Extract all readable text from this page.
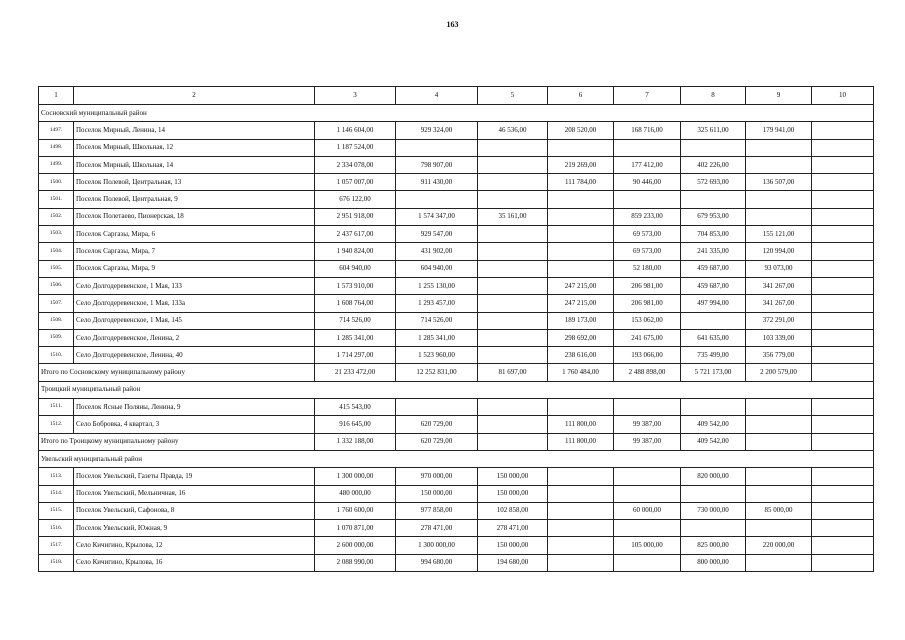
163
1	2	3	4	5	6	7	8	9	10
Сосновский муниципальный район									
1497.	Поселок Мирный, Ленина, 14	1 146 604,00	929 324,00	46 536,00	208 520,00	168 716,00	325 611,00	179 941,00	
1498.	Поселок Мирный, Школьная, 12	1 187 524,00							
1499.	Поселок Мирный, Школьная, 14	2 334 078,00	798 907,00		219 269,00	177 412,00	402 226,00		
1500.	Поселок Полевой, Центральная, 13	1 057 007,00	911 430,00		111 784,00	90 446,00	572 693,00	136 507,00	
1501.	Поселок Полевой, Центральная, 9	676 122,00							
1502.	Поселок Полетаево, Пионерская, 18	2 951 918,00	1 574 347,00	35 161,00		859 233,00	679 953,00		
1503.	Поселок Саргазы, Мира, 6	2 437 617,00	929 547,00			69 573,00	704 853,00	155 121,00	
1504.	Поселок Саргазы, Мира, 7	1 940 824,00	431 902,00			69 573,00	241 335,00	120 994,00	
1505.	Поселок Саргазы, Мира, 9	604 940,00	604 940,00			52 180,00	459 687,00	93 073,00	
1506.	Село Долгодеревенское, 1 Мая, 133	1 573 910,00	1 255 130,00		247 215,00	206 981,00	459 687,00	341 267,00	
1507.	Село Долгодеревенское, 1 Мая, 133а	1 608 764,00	1 293 457,00		247 215,00	206 981,00	497 994,00	341 267,00	
1508.	Село Долгодеревенское, 1 Мая, 145	714 526,00	714 526,00		189 173,00	153 062,00		372 291,00	
1509.	Село Долгодеревенское, Ленина, 2	1 285 341,00	1 285 341,00		298 692,00	241 675,00	641 635,00	103 339,00	
1510.	Село Долгодеревенское, Ленина, 40	1 714 297,00	1 523 960,00		238 616,00	193 066,00	735 499,00	356 779,00	
Итого по Сосновскому муниципальному району		21 233 472,00	12 252 831,00	81 697,00	1 760 484,00	2 488 898,00	5 721 173,00	2 200 579,00	
Троицкий муниципальный район									
1511.	Поселок Ясные Поляны, Ленина, 9	415 543,00							
1512.	Село Бобровка, 4 квартал, 3	916 645,00	620 729,00		111 800,00	99 387,00	409 542,00		
Итого по Троицкому муниципальному району		1 332 188,00	620 729,00		111 800,00	99 387,00	409 542,00		
Увельский муниципальный район									
1513.	Поселок Увельский, Газеты Правда, 19	1 300 000,00	970 000,00	150 000,00			820 000,00		
1514.	Поселок Увельский, Мельничная, 16	480 000,00	150 000,00	150 000,00					
1515.	Поселок Увельский, Сафонова, 8	1 760 600,00	977 858,00	102 858,00		60 000,00	730 000,00	85 000,00	
1516.	Поселок Увельский, Южная, 9	1 070 871,00	278 471,00	278 471,00					
1517.	Село Кичигино, Крылова, 12	2 600 000,00	1 300 000,00	150 000,00		105 000,00	825 000,00	220 000,00	
1518.	Село Кичигино, Крылова, 16	2 088 990,00	994 680,00	194 680,00			800 000,00		
